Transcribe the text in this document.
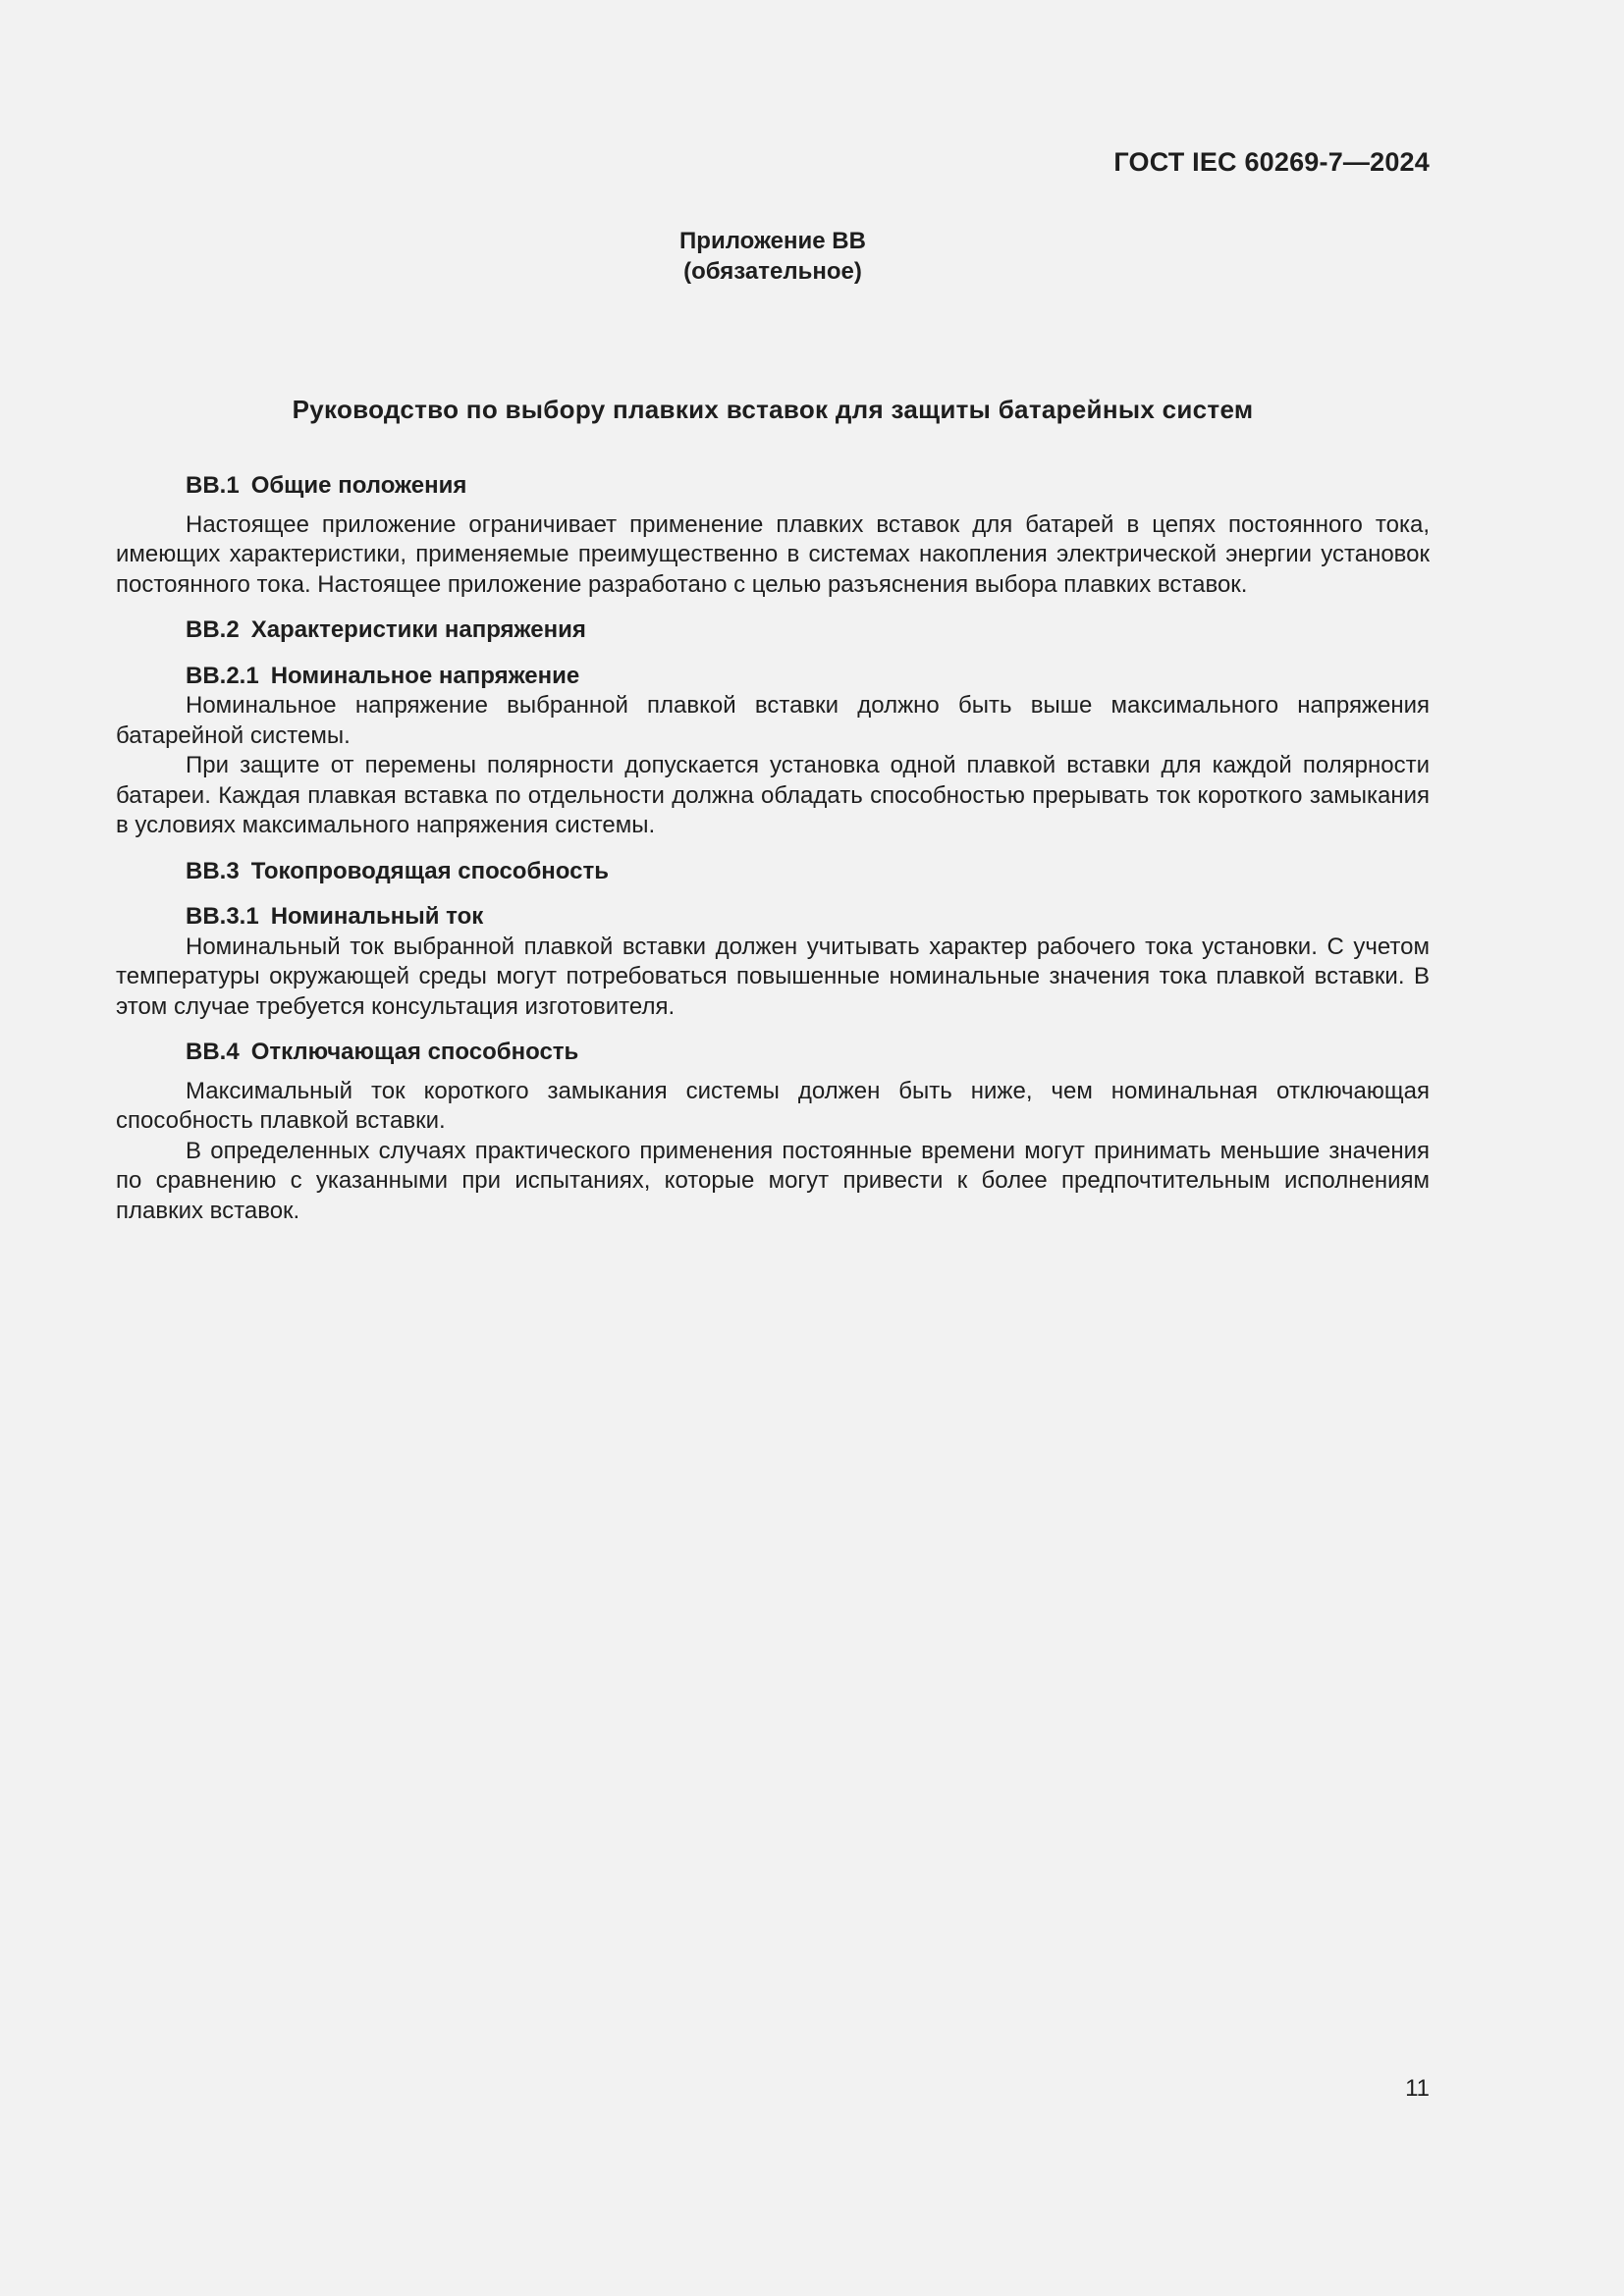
ГОСТ IEC 60269-7—2024
Приложение ВВ
(обязательное)
Руководство по выбору плавких вставок для защиты батарейных систем
ВВ.1 Общие положения

Настоящее приложение ограничивает применение плавких вставок для батарей в цепях постоянного тока, имеющих характеристики, применяемые преимущественно в системах накопления электрической энергии установок постоянного тока. Настоящее приложение разработано с целью разъяснения выбора плавких вставок.

ВВ.2 Характеристики напряжения
ВВ.2.1 Номинальное напряжение

Номинальное напряжение выбранной плавкой вставки должно быть выше максимального напряжения батарейной системы.

При защите от перемены полярности допускается установка одной плавкой вставки для каждой полярности батареи. Каждая плавкая вставка по отдельности должна обладать способностью прерывать ток короткого замыкания в условиях максимального напряжения системы.

ВВ.3 Токопроводящая способность
ВВ.3.1 Номинальный ток

Номинальный ток выбранной плавкой вставки должен учитывать характер рабочего тока установки. С учетом температуры окружающей среды могут потребоваться повышенные номинальные значения тока плавкой вставки. В этом случае требуется консультация изготовителя.

ВВ.4 Отключающая способность

Максимальный ток короткого замыкания системы должен быть ниже, чем номинальная отключающая способность плавкой вставки.

В определенных случаях практического применения постоянные времени могут принимать меньшие значения по сравнению с указанными при испытаниях, которые могут привести к более предпочтительным исполнениям плавких вставок.

11
